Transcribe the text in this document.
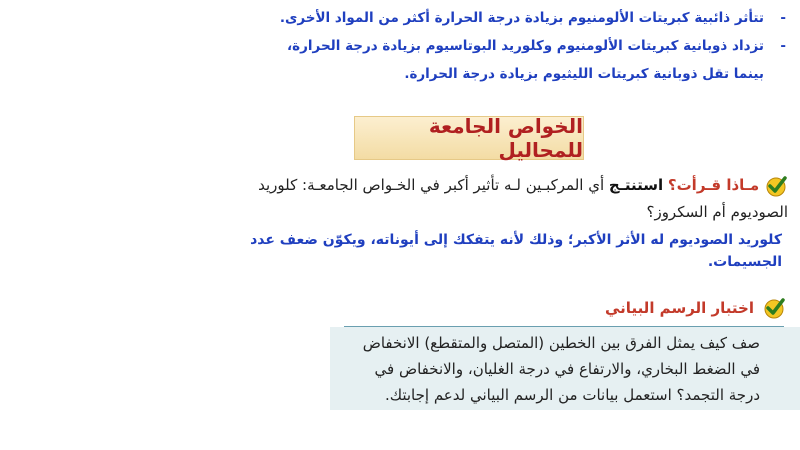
-
تتأثر ذائبية كبريتات الألومنيوم بزيادة درجة الحرارة أكثر من المواد الأخرى.
-
تزداد ذوبانية كبريتات الألومنيوم وكلوريد البوتاسيوم بزيادة درجة الحرارة،
بينما تقل ذوبانية كبريتات الليثيوم بزيادة درجة الحرارة.
الخواص الجامعة للمحاليل
مـاذا قـرأت؟ استنتـج أي المركبـين لـه تأثير أكبر في الخـواص الجامعـة: كلوريد
الصوديوم أم السكروز؟
كلوريد الصوديوم له الأثر الأكبر؛ وذلك لأنه يتفكك إلى أيوناته، ويكوّن ضعف عدد
الجسيمات.
اختبار الرسم البياني
صف كيف يمثل الفرق بين الخطين (المتصل والمتقطع) الانخفاض
في الضغط البخاري، والارتفاع في درجة الغليان، والانخفاض في
درجة التجمد؟ استعمل بيانات من الرسم البياني لدعم إجابتك.
